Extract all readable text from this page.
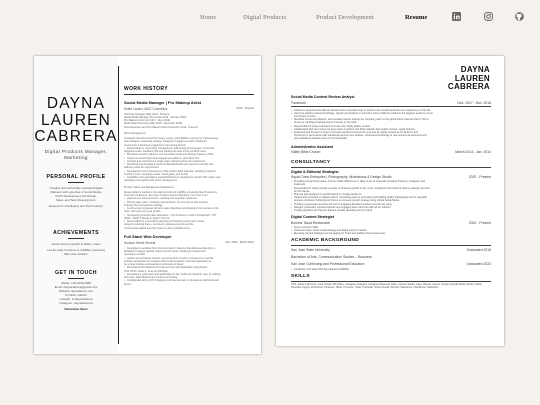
Home	Digital Products	Product Development	Resume
DAYNA
LAUREN
CABRERA
Digital Products Manager, Marketing
PERSONAL PROFILE
Creative and technically-motivated Digital
Marketer with expertise in Social Media,
UI/UX Development and Design,
Sales, and Team Development.
Seasoned in the Beauty and Tech Industry.
ACHIEVEMENTS
Social Account growth to 200k + users
Led the daily functions of a $40M+ producing
Mac store location
GET IN TOUCH
Mobile: (111) 846-6488
Email: daynacabrera@gmail.com
Website: daynalauren.com
Portfolio: GitHub
LinkedIn: in/daynacabrera
Instagram: daynalaurencd
Relocation Open
WORK HISTORY
Social Media Manager | Pro Makeup Artist
Estée Lauder, MAC Cosmetics	2014 - Present
Third Key Manager (May 2019 - Present)
Social Media Manager (December 2019 - January 2022)
Pro Makeup Artist (July 2017 - May 2019)
Retail Sales Executive (May 2016 - November 2016)
Store Executive and Pro Makeup Artist (November 2014 - Present)
Store Management:
Increased clientele turnout for beauty events, grew $200k+ revenue by implementing
new Instagram marketing strategy. Instagram engagement with in-flowered
consistently maintained engagement rate during launch.
• Responsible for community management: addressing all messages, comments,
suggested edits; feedback, DM and tracking all store of the pre-MAC store
• Provided research, planned, and presented social and strategy based on KPIs.
• Analyzed social impact and engagement patterns, grew MAC 8%
• Created and customized a single page marketing focus for social posts.
• Monitored and developed social media dashboards and reports to identify and
address points for improvement
• Development and maintenance of the social media calendar: updating important
monthly to-dos, campaign needs, brand goals, and trends
• Qualitative and quantitative analytical/reference analytics for weekly CRI reports and
campaign post reports with senior management
Product, Sales and Management Experience:
Responsible for leading in the daily functions of a $40M+ producing Mac Products &
Cosmetic Collections, launched 3 ethos product collections, new ones in an
• Opened new store accounts, reaching new selection customers
• Driving sales value, modeling new launches, 10 plus events with success
Training client perspective strategy
• Continuously surpassed all store sales objectives contributing to the success of the
store, with year-over-year growth
• Surpassing personal sales objectives + Top Producer in store's Productivity YTD
(2023 - 2024) 3 Weeks in Rank 1 Top 1%
• Responsible for successfully planning and hosting events with 1 week
subject to tracking lines + previously unplanned events and the
Continuously added and client base to drive establishments.
Full Stack Web Developer
Hudson Harris Sheets	Nov. 2020 - March 2021
• Developed a websites from front and back in React.js that delivered data from a
Database Postgres website output several stores, working by request and
reporting to a CEO
• Gather and prioritized content, and presented a modern concept of an internal
software application for company-wide implementation; improved application to
be a clean intuitive and seamless workspace in React
• Developed both backend and Internet client with application using React,
CSS SCSS, Node.js, Knex and MSSQL
• Developed a responsive web application for the mobile and desktop view, by utilizing
web tools, Agile Method and Continuous Testing.
• Collaborated with a UI/UX designer and internal users to develop an optimized web
layout
DAYNA
LAUREN
CABRERA
Social Media Content Review Analyst
Facebook	Dec. 2017 - Nov. 2018
• Gathered, analyzed and utilized relevant tools to develop ways to improve the overall Facebook user experience on the site
• Used pre-existing market knowledge, signals and insights to overcome some problems related to the targeted audience of our
community of users
• Identified trends and patterns, and escalated issues outside the company policy to the global client (Internal Client). Terms
of use by creating a tracking report of issues on the topic
• Responsible for policy enforcement on the site, highly quality content
• Collaborated with user issues (to keep track of policies and that) maintain high quality content, speak Industry
• Dedicated and focused in order to increase product enforcement, and was as quality assurance for all forms and
Performed in accordance with knowledge and our best policies, continuous knowledge of new security development and
and maintained effective lines of communication
Administrative Assistant
Valley Bible Church	March 2013 - Jan. 2014
CONSULTANCY
Digital & Editorial Strategist
Kayla Chew Enterprise | Photography, Illustrations & Design Studio	2020 - Present
• Providing overall brand value, and the visible differences in daily sense of cinematic including Pinterest, Instagram and
Facebook
• Responsible for driving steady increase in Pinterest growth to 2k+ users. Instagram and rebuilt of various strategic services
for this cliente
• Planned and designed for growth based on 'budget audience'
• Helped and consulted on digital content, Increasing goals to promoting and building quality photography and in copyright
process combined, Following with focus on increase growth strategy using Global Social Media
• Thinking to generate incentives for web of engaging Excellent entirely since for the entity
• Designs, presented, exposed website and engaging their outcomes with all our industry.
• Creating graphics and layouts that are visually appealing and on brand
Digital Content Strategist
Bonitos Tacos Restaurant	2020 - Present
• Drove customer traffic
• Implement data, social media strategy and digital content creation
• Elevating content strategies and engaging for brand and building brand awareness
ACADEMIC BACKGROUND
San Jose State University	Graduated 2015
Bachelors of Arts, Communication Studies – Business
San Jose Continuing and Professional Education	Graduated 2023
• Certificate: Full Stack Web Development (MERN)
SKILLS
CSS, Adobe Lightroom, Java, Pinata, MS Office, Instagram Analytics, Instagram Business Suite, Content Studio, Later, Planoly, Canva, Google Analytics/Data Studio, Adobe Illustrator, Figma, Photoshop, Pinterest, Tiktok, Premiere, Trello, Hootsuite, Sprout Social, Sprinklr, Salesforce, WordPress, Mailchimp
